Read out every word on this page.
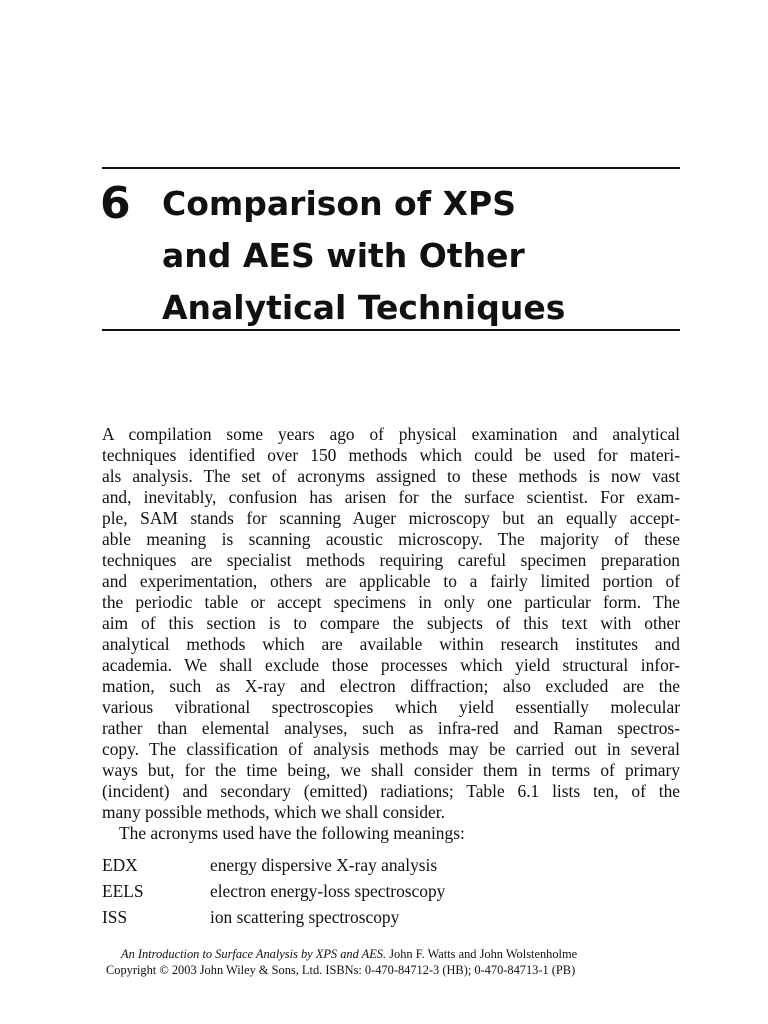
6 Comparison of XPS
and AES with Other
Analytical Techniques
A compilation some years ago of physical examination and analytical
techniques identified over 150 methods which could be used for materi-
als analysis. The set of acronyms assigned to these methods is now vast
and, inevitably, confusion has arisen for the surface scientist. For exam-
ple, SAM stands for scanning Auger microscopy but an equally accept-
able meaning is scanning acoustic microscopy. The majority of these
techniques are specialist methods requiring careful specimen preparation
and experimentation, others are applicable to a fairly limited portion of
the periodic table or accept specimens in only one particular form. The
aim of this section is to compare the subjects of this text with other
analytical methods which are available within research institutes and
academia. We shall exclude those processes which yield structural infor-
mation, such as X-ray and electron diffraction; also excluded are the
various vibrational spectroscopies which yield essentially molecular
rather than elemental analyses, such as infra-red and Raman spectros-
copy. The classification of analysis methods may be carried out in several
ways but, for the time being, we shall consider them in terms of primary
(incident) and secondary (emitted) radiations; Table 6.1 lists ten, of the
many possible methods, which we shall consider.
The acronyms used have the following meanings:
EDX	energy dispersive X-ray analysis
EELS	electron energy-loss spectroscopy
ISS	ion scattering spectroscopy
An Introduction to Surface Analysis by XPS and AES. John F. Watts and John Wolstenholme
Copyright © 2003 John Wiley & Sons, Ltd. ISBNs: 0-470-84712-3 (HB); 0-470-84713-1 (PB)
